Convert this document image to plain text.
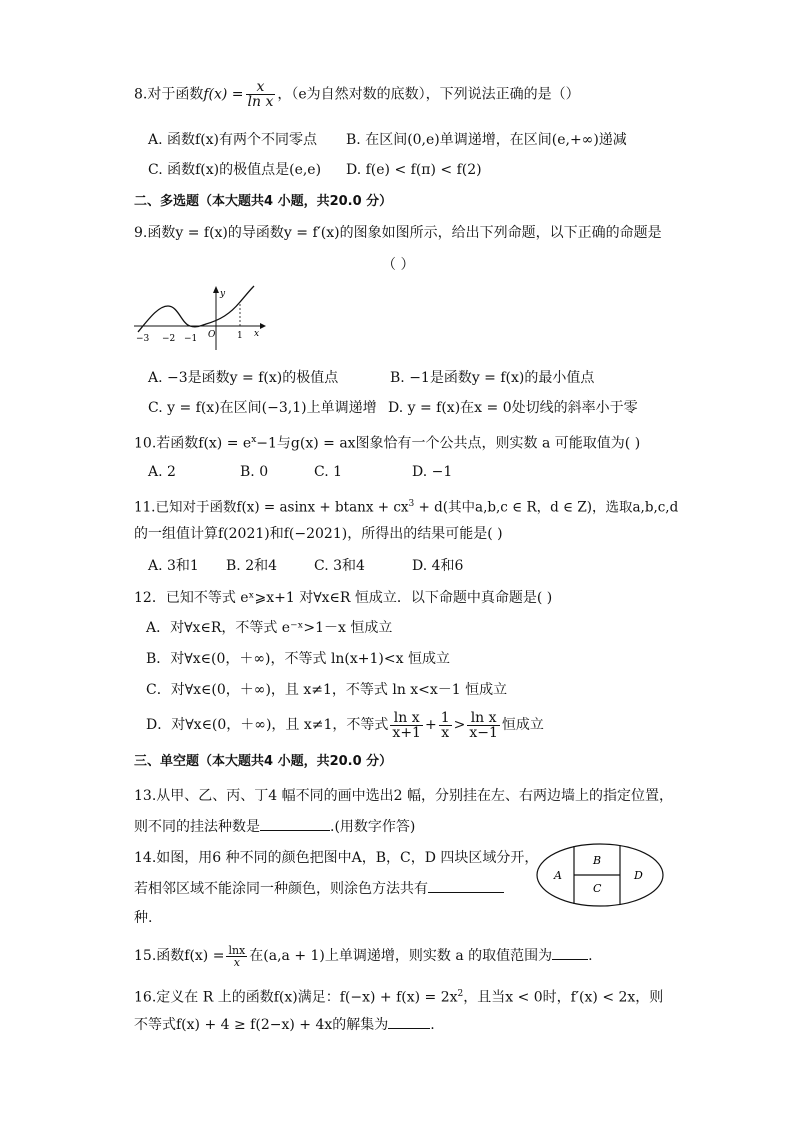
8.对于函数$f(x) = \frac{x}{\text{ln x}}$ ，（e为自然对数的底数），下列说法正确的是（）
A. 函数f(x)有两个不同零点 B. 在区间(0,e)单调递增，在区间(e,+∞)递减
C. 函数f(x)的极值点是(e,e) D. f(e) < f(π) < f(2)
二、多选题（本大题共4 小题，共20.0 分）
9.函数y = f(x)的导函数y = f′(x)的图象如图所示，给出下列命题，以下正确的命题是
（ ）
y
x
O
−3 −2 −1	1
A. −3是函数y = f(x)的极值点	B. −1是函数y = f(x)的最小值点
C. y = f(x)在区间(−3,1)上单调递增 D. y = f(x)在x = 0处切线的斜率小于零
10.若函数$f(x) = e^x-1$与g(x) = ax图象恰有一个公共点，则实数 a 可能取值为( )
A. 2	B. 0	C. 1	D. −1
11.已知对于函数$f(x) = asinx + btanx + cx^3 + d$(其中a,b,c ∈ R，d ∈ Z)，选取a,b,c,d
的一组值计算f(2021)和f(−2021)，所得出的结果可能是( )
A. 3和1 B. 2和4	C. 3和4	D. 4和6
12．已知不等式 eˣ⩾x+1 对∀x∈R 恒成立．以下命题中真命题是( )
A．对∀x∈R，不等式 e⁻ˣ>1－x 恒成立
B．对∀x∈(0，＋∞)，不等式 ln(x+1)<x 恒成立
C．对∀x∈(0，＋∞)，且 x≠1，不等式 ln x<x－1 恒成立
D．对∀x∈(0，＋∞)，且 x≠1，不等式 $\frac{\text{ln x}}{x+1} + \frac{1}{x} > \frac{\text{ln x}}{x-1}$ 恒成立
三、单空题（本大题共4 小题，共20.0 分）
13.从甲、乙、丙、丁4 幅不同的画中选出2 幅，分别挂在左、右两边墙上的指定位置，
则不同的挂法种数是	.(用数字作答)
14.如图，用6 种不同的颜色把图中A，B，C，D 四块区域分开，
若相邻区域不能涂同一种颜色，则涂色方法共有
种.
A
B
C
D
15.函数$f(x) = \frac{\ln x}{x}$ 在(a,a + 1)上单调递增，则实数 a 的取值范围为	.
16.定义在 R 上的函数f(x)满足：$f(-x) + f(x) = 2x^2$，且当x < 0时，f′(x) < 2x，则
不等式f(x) + 4 ≥ f(2−x) + 4x的解集为	.
